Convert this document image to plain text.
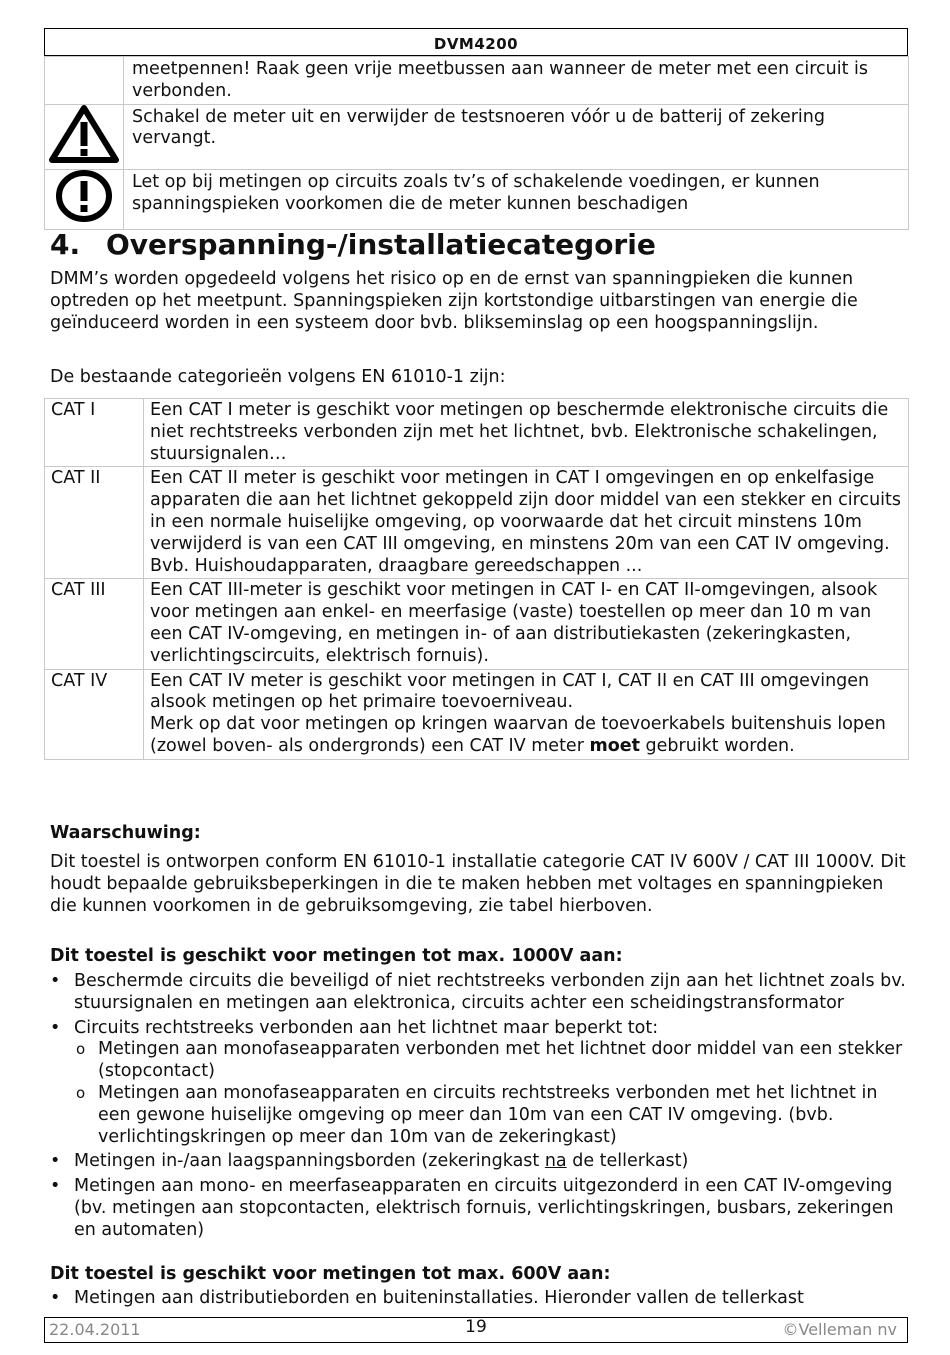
DVM4200
	meetpennen! Raak geen vrije meetbussen aan wanneer de meter met een circuit is verbonden.
	Schakel de meter uit en verwijder de testsnoeren vóór u de batterij of zekering vervangt.
	Let op bij metingen op circuits zoals tv’s of schakelende voedingen, er kunnen spanningspieken voorkomen die de meter kunnen beschadigen
4. Overspanning-/installatiecategorie

DMM’s worden opgedeeld volgens het risico op en de ernst van spanningpieken die kunnen optreden op het meetpunt. Spanningspieken zijn kortstondige uitbarstingen van energie die geïnduceerd worden in een systeem door bvb. blikseminslag op een hoogspanningslijn.

De bestaande categorieën volgens EN 61010-1 zijn:

CAT I	Een CAT I meter is geschikt voor metingen op beschermde elektronische circuits die niet rechtstreeks verbonden zijn met het lichtnet, bvb. Elektronische schakelingen, stuursignalen…
CAT II	Een CAT II meter is geschikt voor metingen in CAT I omgevingen en op enkelfasige apparaten die aan het lichtnet gekoppeld zijn door middel van een stekker en circuits in een normale huiselijke omgeving, op voorwaarde dat het circuit minstens 10m verwijderd is van een CAT III omgeving, en minstens 20m van een CAT IV omgeving. Bvb. Huishoudapparaten, draagbare gereedschappen ...
CAT III	Een CAT III-meter is geschikt voor metingen in CAT I- en CAT II-omgevingen, alsook voor metingen aan enkel- en meerfasige (vaste) toestellen op meer dan 10 m van een CAT IV-omgeving, en metingen in- of aan distributiekasten (zekeringkasten, verlichtingscircuits, elektrisch fornuis).
CAT IV	Een CAT IV meter is geschikt voor metingen in CAT I, CAT II en CAT III omgevingen alsook metingen op het primaire toevoerniveau.
Merk op dat voor metingen op kringen waarvan de toevoerkabels buitenshuis lopen (zowel boven- als ondergronds) een CAT IV meter moet gebruikt worden.

Waarschuwing:

Dit toestel is ontworpen conform EN 61010-1 installatie categorie CAT IV 600V / CAT III 1000V. Dit houdt bepaalde gebruiksbeperkingen in die te maken hebben met voltages en spanningpieken die kunnen voorkomen in de gebruiksomgeving, zie tabel hierboven.

Dit toestel is geschikt voor metingen tot max. 1000V aan:

• Beschermde circuits die beveiligd of niet rechtstreeks verbonden zijn aan het lichtnet zoals bv. stuursignalen en metingen aan elektronica, circuits achter een scheidingstransformator
• Circuits rechtstreeks verbonden aan het lichtnet maar beperkt tot:
o Metingen aan monofaseapparaten verbonden met het lichtnet door middel van een stekker (stopcontact)
o Metingen aan monofaseapparaten en circuits rechtstreeks verbonden met het lichtnet in een gewone huiselijke omgeving op meer dan 10m van een CAT IV omgeving. (bvb. verlichtingskringen op meer dan 10m van de zekeringkast)
• Metingen in-/aan laagspanningsborden (zekeringkast na de tellerkast)
• Metingen aan mono- en meerfaseapparaten en circuits uitgezonderd in een CAT IV-omgeving (bv. metingen aan stopcontacten, elektrisch fornuis, verlichtingskringen, busbars, zekeringen en automaten)

Dit toestel is geschikt voor metingen tot max. 600V aan:

• Metingen aan distributieborden en buiteninstallaties. Hieronder vallen de tellerkast
22.04.2011	19	©Velleman nv
